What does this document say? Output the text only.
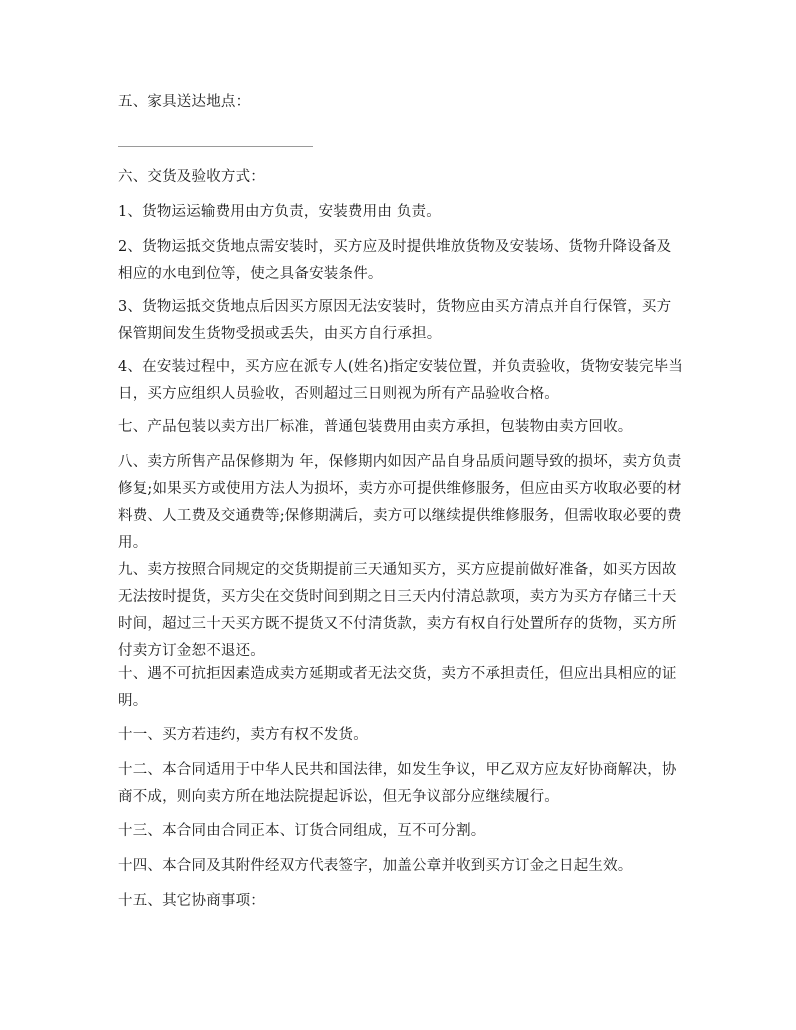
五、家具送达地点：

六、交货及验收方式：

1、货物运运输费用由方负责，安装费用由 负责。

2、货物运抵交货地点需安装时，买方应及时提供堆放货物及安装场、货物升降设备及相应的水电到位等，使之具备安装条件。

3、货物运抵交货地点后因买方原因无法安装时，货物应由买方清点并自行保管，买方保管期间发生货物受损或丢失，由买方自行承担。

4、在安装过程中，买方应在派专人(姓名)指定安装位置，并负责验收，货物安装完毕当日，买方应组织人员验收，否则超过三日则视为所有产品验收合格。

七、产品包装以卖方出厂标准，普通包装费用由卖方承担，包装物由卖方回收。

八、卖方所售产品保修期为 年，保修期内如因产品自身品质问题导致的损坏，卖方负责修复;如果买方或使用方法人为损坏，卖方亦可提供维修服务，但应由买方收取必要的材料费、人工费及交通费等;保修期满后，卖方可以继续提供维修服务，但需收取必要的费用。

九、卖方按照合同规定的交货期提前三天通知买方，买方应提前做好准备，如买方因故无法按时提货，买方尖在交货时间到期之日三天内付清总款项，卖方为买方存储三十天时间，超过三十天买方既不提货又不付清货款，卖方有权自行处置所存的货物，买方所付卖方订金恕不退还。

十、遇不可抗拒因素造成卖方延期或者无法交货，卖方不承担责任，但应出具相应的证明。

十一、买方若违约，卖方有权不发货。

十二、本合同适用于中华人民共和国法律，如发生争议，甲乙双方应友好协商解决，协商不成，则向卖方所在地法院提起诉讼，但无争议部分应继续履行。

十三、本合同由合同正本、订货合同组成，互不可分割。

十四、本合同及其附件经双方代表签字，加盖公章并收到买方订金之日起生效。

十五、其它协商事项：
